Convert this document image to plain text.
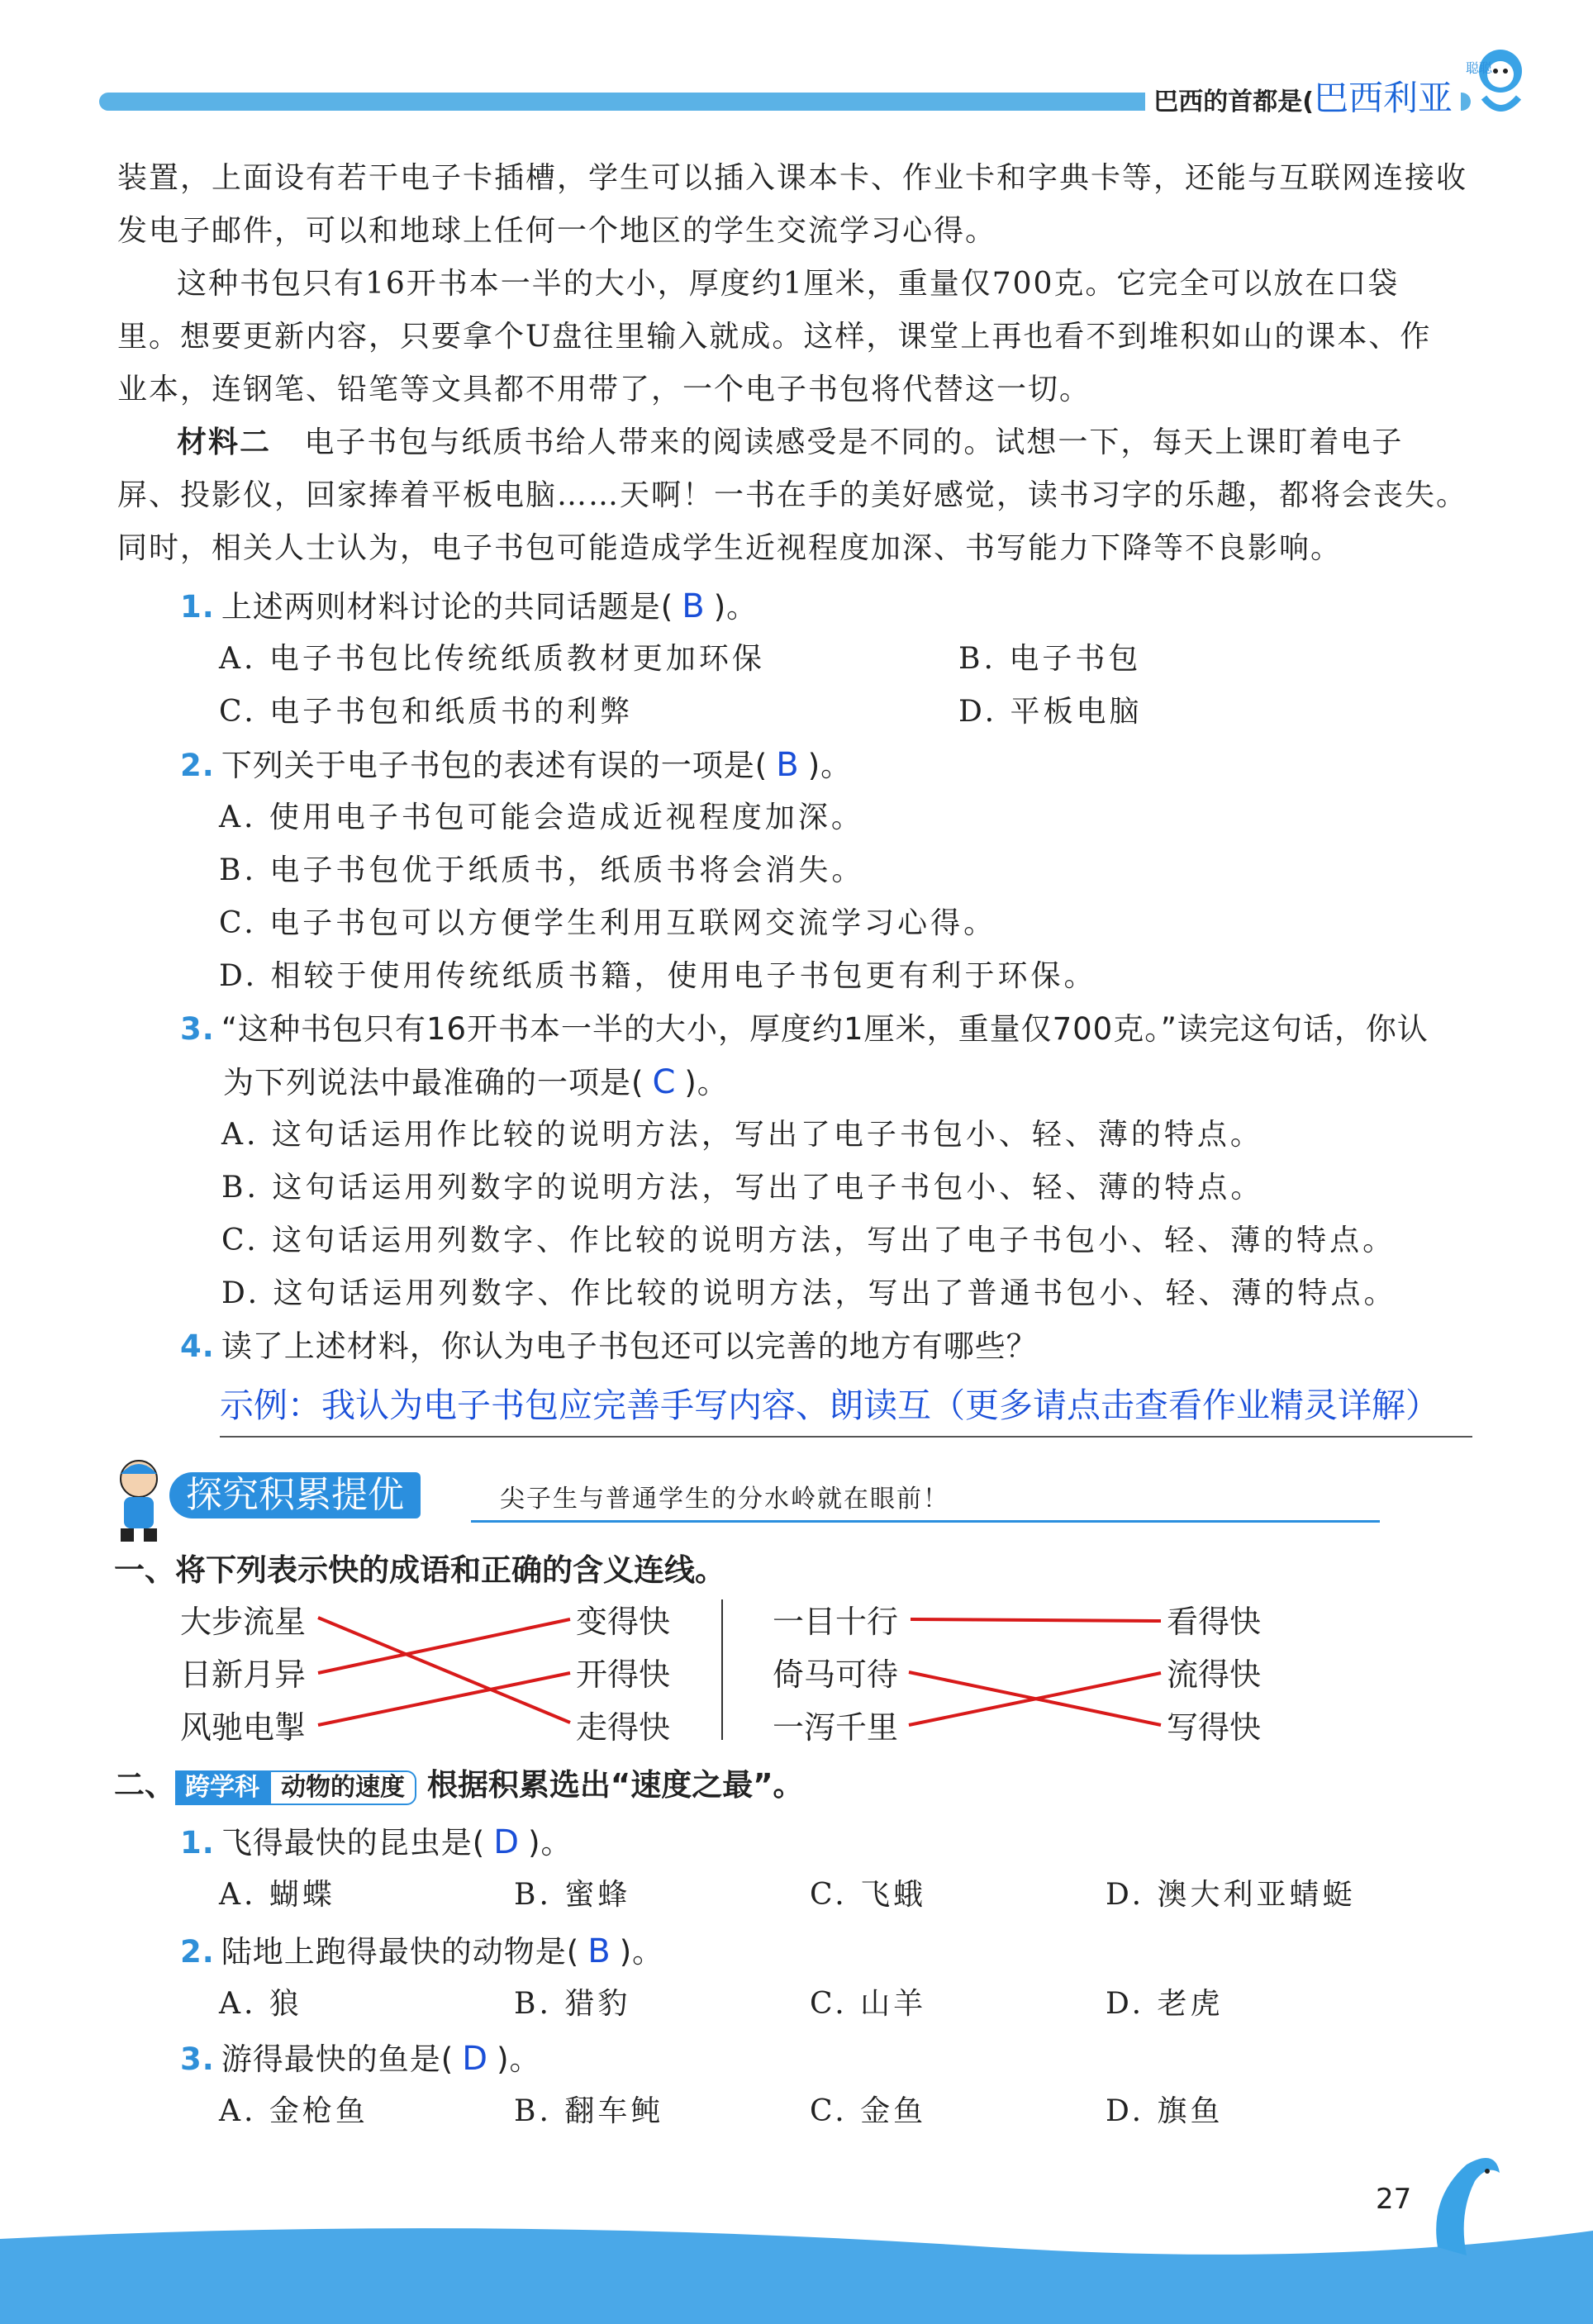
巴西的首都是(巴西利亚
聪聪

装置，上面设有若干电子卡插槽，学生可以插入课本卡、作业卡和字典卡等，还能与互联网连接收

发电子邮件，可以和地球上任何一个地区的学生交流学习心得。

这种书包只有16开书本一半的大小，厚度约1厘米，重量仅700克。它完全可以放在口袋

里。想要更新内容，只要拿个U盘往里输入就成。这样，课堂上再也看不到堆积如山的课本、作

业本，连钢笔、铅笔等文具都不用带了，一个电子书包将代替这一切。

材料二 电子书包与纸质书给人带来的阅读感受是不同的。试想一下，每天上课盯着电子

屏、投影仪，回家捧着平板电脑……天啊！一书在手的美好感觉，读书习字的乐趣，都将会丧失。

同时，相关人士认为，电子书包可能造成学生近视程度加深、书写能力下降等不良影响。

1. 上述两则材料讨论的共同话题是( B )。
A. 电子书包比传统纸质教材更加环保	B. 电子书包
C. 电子书包和纸质书的利弊	D. 平板电脑
2. 下列关于电子书包的表述有误的一项是( B )。
A. 使用电子书包可能会造成近视程度加深。
B. 电子书包优于纸质书，纸质书将会消失。
C. 电子书包可以方便学生利用互联网交流学习心得。
D. 相较于使用传统纸质书籍，使用电子书包更有利于环保。
3. “这种书包只有16开书本一半的大小，厚度约1厘米，重量仅700克。”读完这句话，你认
为下列说法中最准确的一项是( C )。
A. 这句话运用作比较的说明方法，写出了电子书包小、轻、薄的特点。
B. 这句话运用列数字的说明方法，写出了电子书包小、轻、薄的特点。
C. 这句话运用列数字、作比较的说明方法，写出了电子书包小、轻、薄的特点。
D. 这句话运用列数字、作比较的说明方法，写出了普通书包小、轻、薄的特点。
4. 读了上述材料，你认为电子书包还可以完善的地方有哪些？
示例：我认为电子书包应完善手写内容、朗读互（更多请点击查看作业精灵详解）
探究积累提优	尖子生与普通学生的分水岭就在眼前！
一、将下列表示快的成语和正确的含义连线。
大步流星
日新月异
风驰电掣
变得快
开得快
走得快
一目十行
倚马可待
一泻千里
看得快
流得快
写得快
二、 跨学科 动物的速度 根据积累选出“速度之最”。
1. 飞得最快的昆虫是( D )。
A. 蝴蝶	B. 蜜蜂	C. 飞蛾	D. 澳大利亚蜻蜓
2. 陆地上跑得最快的动物是( B )。
A. 狼	B. 猎豹	C. 山羊	D. 老虎
3. 游得最快的鱼是( D )。
A. 金枪鱼	B. 翻车鲀	C. 金鱼	D. 旗鱼
27
